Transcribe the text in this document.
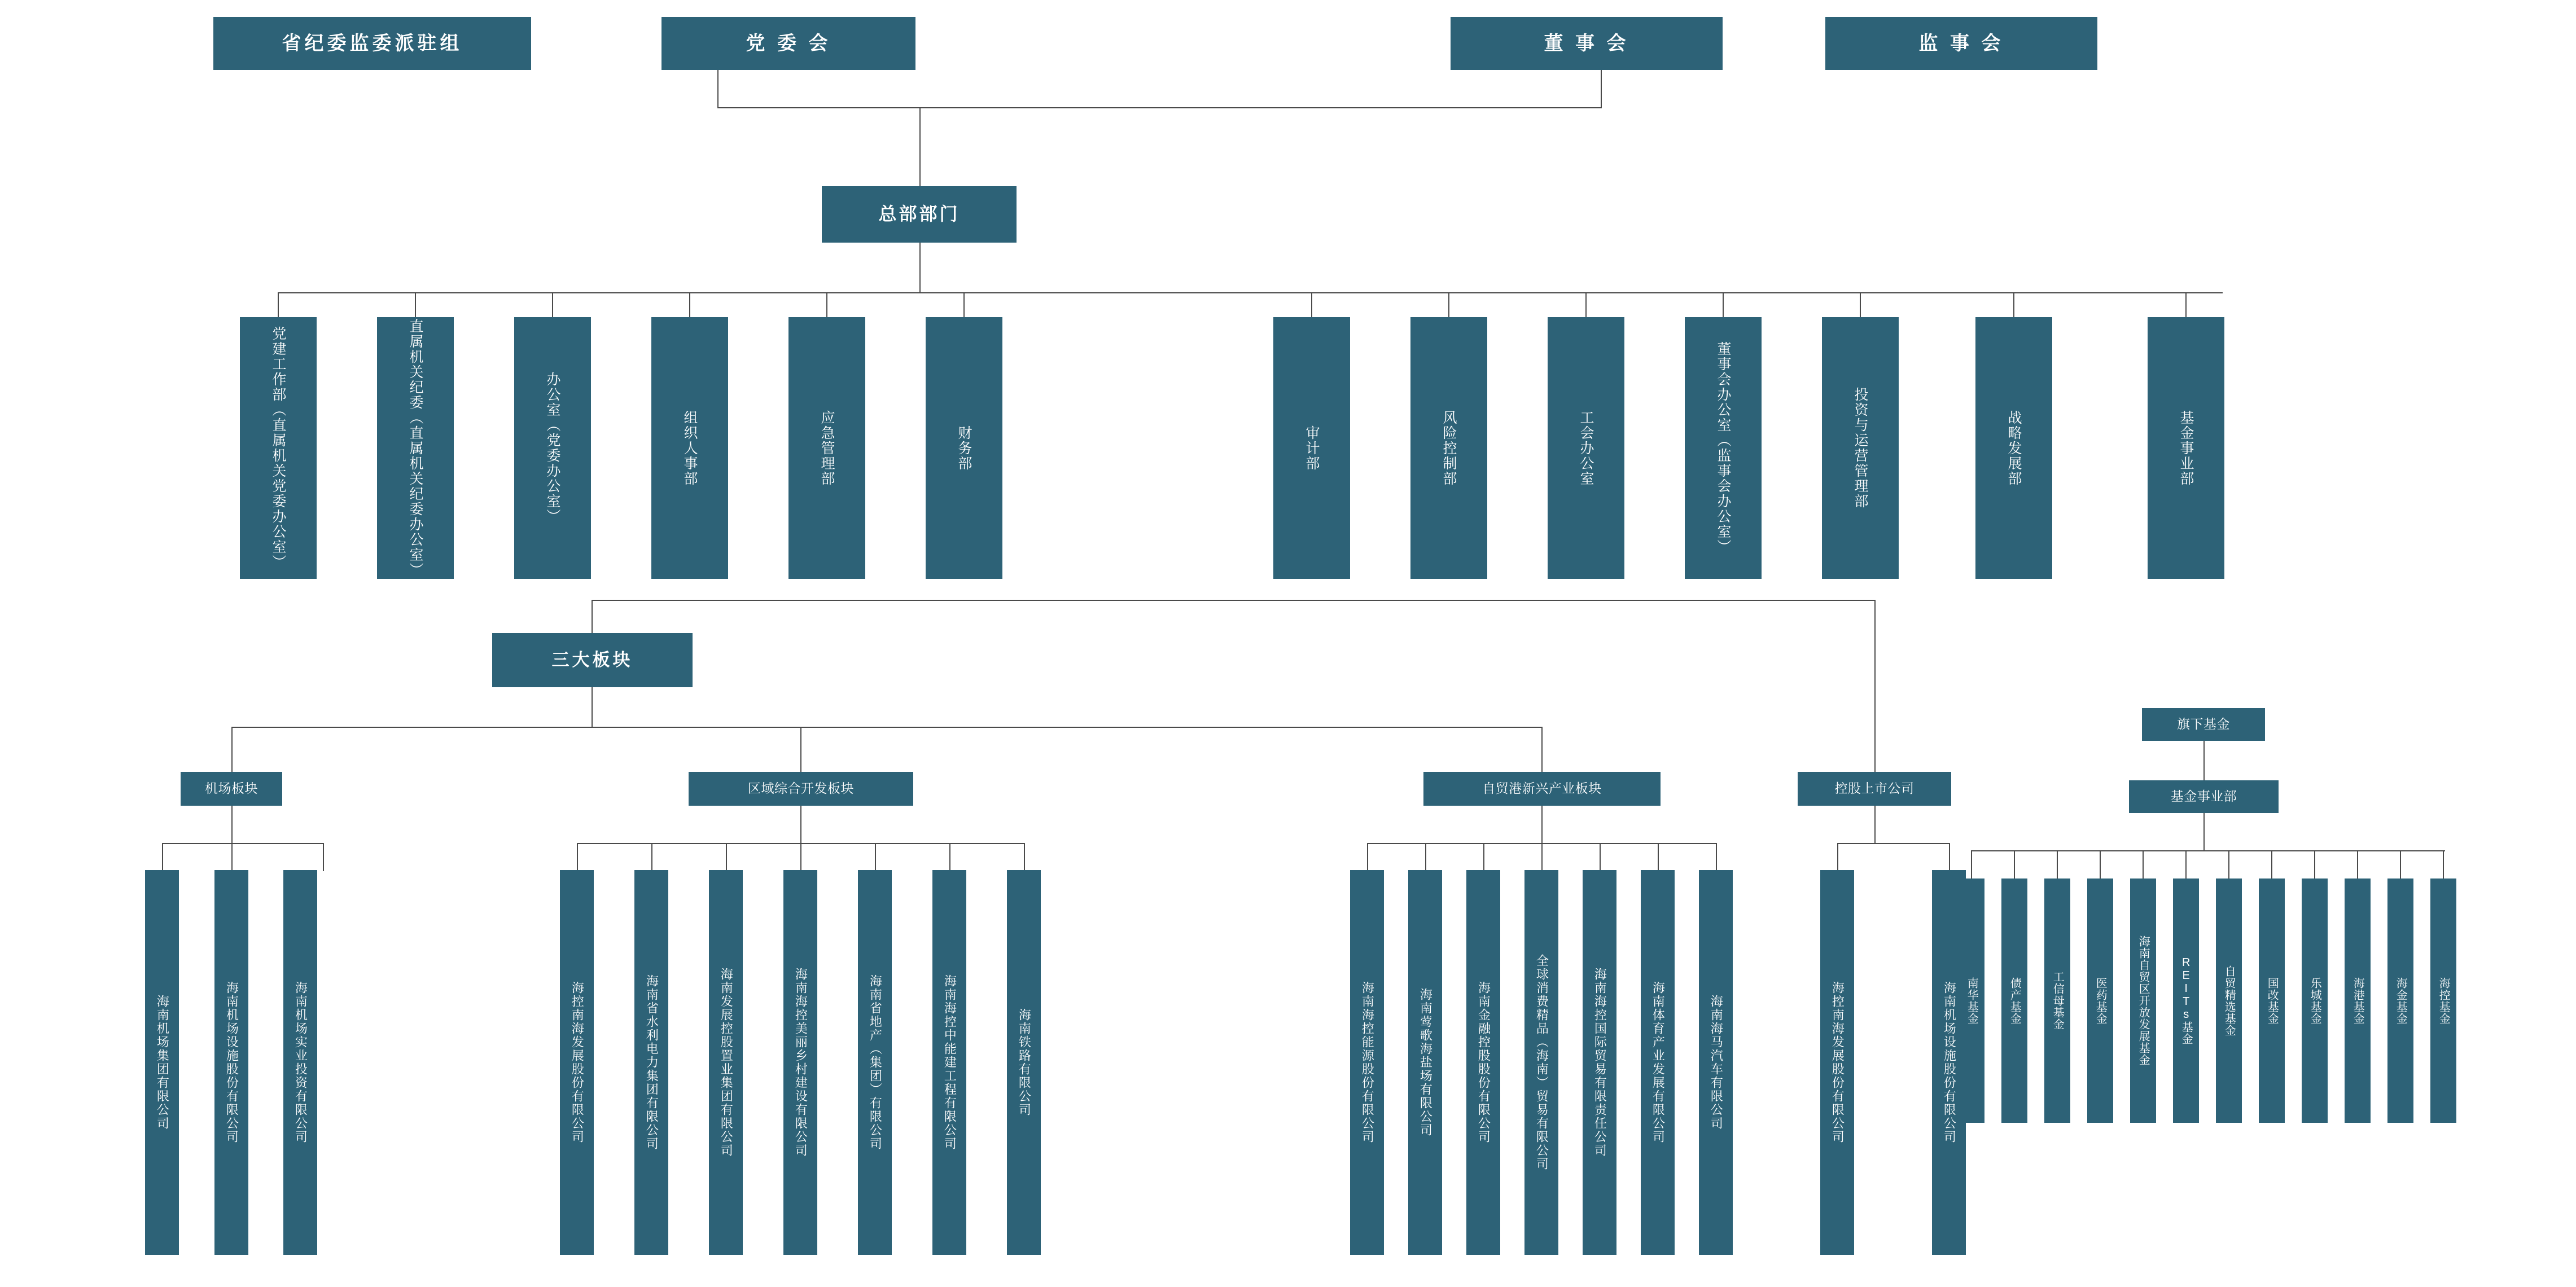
省纪委监委派驻组	党 委 会	董 事 会	监 事 会
总部部门
党建工作部（直属机关党委办公室）	直属机关纪委（直属机关纪委办公室）	办公室（党委办公室）	组织人事部	应急管理部	财务部	审计部	风险控制部	工会办公室	董事会办公室（监事会办公室）	投资与运营管理部	战略发展部	基金事业部
三大板块
机场板块	区域综合开发板块	自贸港新兴产业板块	控股上市公司
海南机场集团有限公司	海南机场设施股份有限公司	海南机场实业投资有限公司	海控南海发展股份有限公司	海南省水利电力集团有限公司	海南发展控股置业集团有限公司	海南海控美丽乡村建设有限公司	海南省地产（集团）有限公司	海南海控中能建工程有限公司	海南铁路有限公司	海南海控能源股份有限公司	海南莺歌海盐场有限公司	海南金融控股股份有限公司	全球消费精品（海南）贸易有限公司	海南海控国际贸易有限责任公司	海南体育产业发展有限公司	海南海马汽车有限公司	海控南海发展股份有限公司	海南机场设施股份有限公司
旗下基金
基金事业部
南华基金	债产基金	工信母基金	医药基金	海南自贸区开放发展基金	REITs基金	自贸精选基金	国改基金	乐城基金	海港基金	海金基金	海控基金
